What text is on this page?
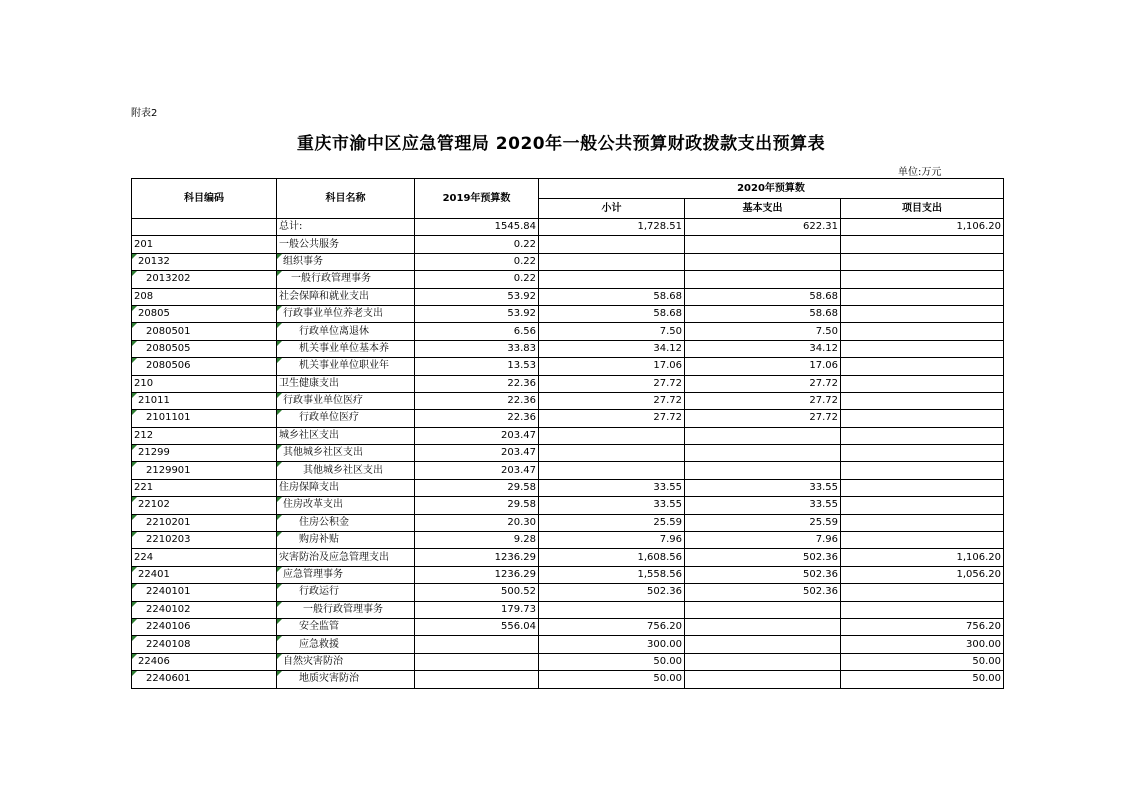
附表2
重庆市渝中区应急管理局 2020年一般公共预算财政拨款支出预算表
单位:万元
科目编码	科目名称	2019年预算数	2020年预算数		
			小计	基本支出	项目支出
	总计:	1545.84	1,728.51	622.31	1,106.20
201	一般公共服务	0.22			
20132	组织事务	0.22			
2013202	一般行政管理事务	0.22			
208	社会保障和就业支出	53.92	58.68	58.68	
20805	行政事业单位养老支出	53.92	58.68	58.68	
2080501	行政单位离退休	6.56	7.50	7.50	
2080505	机关事业单位基本养	33.83	34.12	34.12	
2080506	机关事业单位职业年	13.53	17.06	17.06	
210	卫生健康支出	22.36	27.72	27.72	
21011	行政事业单位医疗	22.36	27.72	27.72	
2101101	行政单位医疗	22.36	27.72	27.72	
212	城乡社区支出	203.47			
21299	其他城乡社区支出	203.47			
2129901	其他城乡社区支出	203.47			
221	住房保障支出	29.58	33.55	33.55	
22102	住房改革支出	29.58	33.55	33.55	
2210201	住房公积金	20.30	25.59	25.59	
2210203	购房补贴	9.28	7.96	7.96	
224	灾害防治及应急管理支出	1236.29	1,608.56	502.36	1,106.20
22401	应急管理事务	1236.29	1,558.56	502.36	1,056.20
2240101	行政运行	500.52	502.36	502.36	
2240102	一般行政管理事务	179.73			
2240106	安全监管	556.04	756.20		756.20
2240108	应急救援		300.00		300.00
22406	自然灾害防治		50.00		50.00
2240601	地质灾害防治		50.00		50.00
